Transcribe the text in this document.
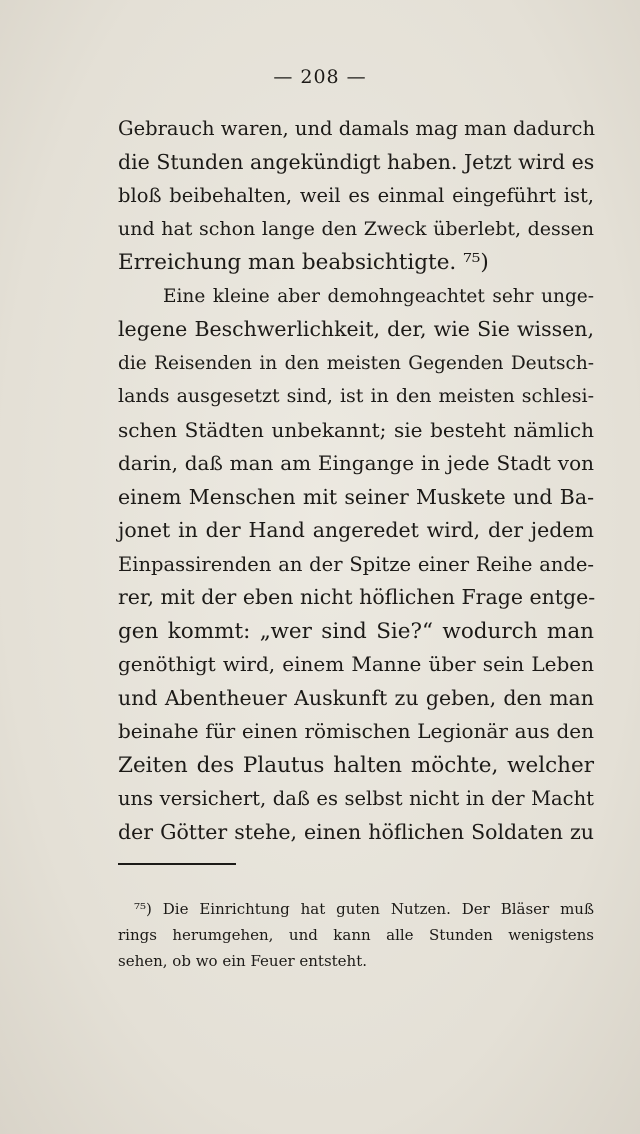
— 208 —
Gebrauch waren, und damals mag man dadurch
die Stunden angekündigt haben. Jetzt wird es
bloß beibehalten, weil es einmal eingeführt ist,
und hat schon lange den Zweck überlebt, dessen
Erreichung man beabsichtigte. ⁷⁵)
Eine kleine aber demohngeachtet sehr unge-
legene Beschwerlichkeit, der, wie Sie wissen,
die Reisenden in den meisten Gegenden Deutsch-
lands ausgesetzt sind, ist in den meisten schlesi-
schen Städten unbekannt; sie besteht nämlich
darin, daß man am Eingange in jede Stadt von
einem Menschen mit seiner Muskete und Ba-
jonet in der Hand angeredet wird, der jedem
Einpassirenden an der Spitze einer Reihe ande-
rer, mit der eben nicht höflichen Frage entge-
gen kommt: „wer sind Sie?“ wodurch man
genöthigt wird, einem Manne über sein Leben
und Abentheuer Auskunft zu geben, den man
beinahe für einen römischen Legionär aus den
Zeiten des Plautus halten möchte, welcher
uns versichert, daß es selbst nicht in der Macht
der Götter stehe, einen höflichen Soldaten zu
⁷⁵) Die Einrichtung hat guten Nutzen. Der Bläser muß
rings herumgehen, und kann alle Stunden wenigstens
sehen, ob wo ein Feuer entsteht.
